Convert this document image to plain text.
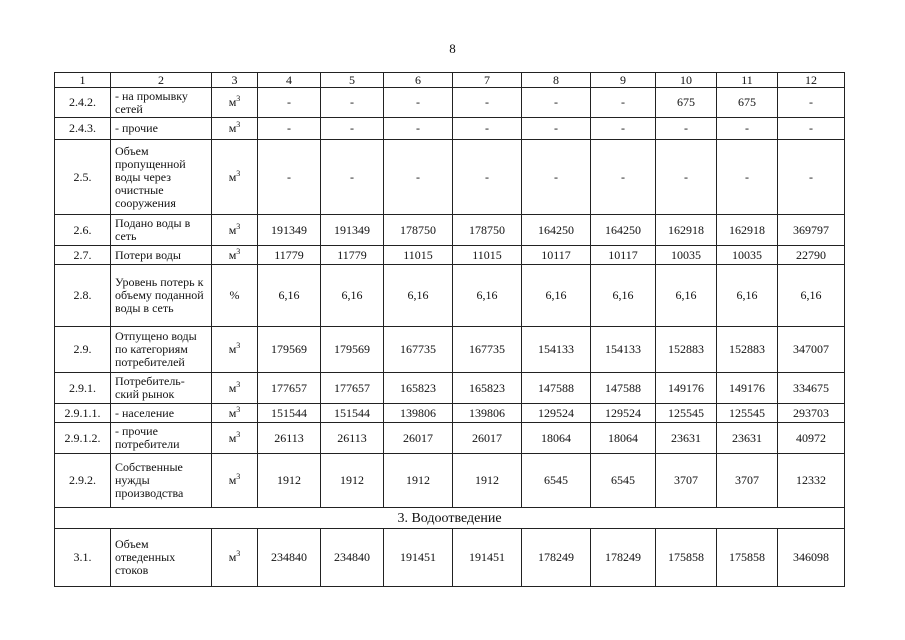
8
1	2	3	4	5	6	7	8	9	10	11	12
2.4.2.	- на промывку сетей	$м^3$	-	-	-	-	-	-	675	675	-
2.4.3.	- прочие	$м^3$	-	-	-	-	-	-	-	-	-
2.5.	Объем пропущенной воды через очистные сооружения	$м^3$	-	-	-	-	-	-	-	-	-
2.6.	Подано воды в сеть	$м^3$	191349	191349	178750	178750	164250	164250	162918	162918	369797
2.7.	Потери воды	$м^3$	11779	11779	11015	11015	10117	10117	10035	10035	22790
2.8.	Уровень потерь к объему поданной воды в сеть	%	6,16	6,16	6,16	6,16	6,16	6,16	6,16	6,16	6,16
2.9.	Отпущено воды по категориям потребителей	$м^3$	179569	179569	167735	167735	154133	154133	152883	152883	347007
2.9.1.	Потребитель-ский рынок	$м^3$	177657	177657	165823	165823	147588	147588	149176	149176	334675
2.9.1.1.	- население	$м^3$	151544	151544	139806	139806	129524	129524	125545	125545	293703
2.9.1.2.	- прочие потребители	$м^3$	26113	26113	26017	26017	18064	18064	23631	23631	40972
2.9.2.	Собственные нужды производства	$м^3$	1912	1912	1912	1912	6545	6545	3707	3707	12332
3. Водоотведение											
3.1.	Объем отведенных стоков	$м^3$	234840	234840	191451	191451	178249	178249	175858	175858	346098
